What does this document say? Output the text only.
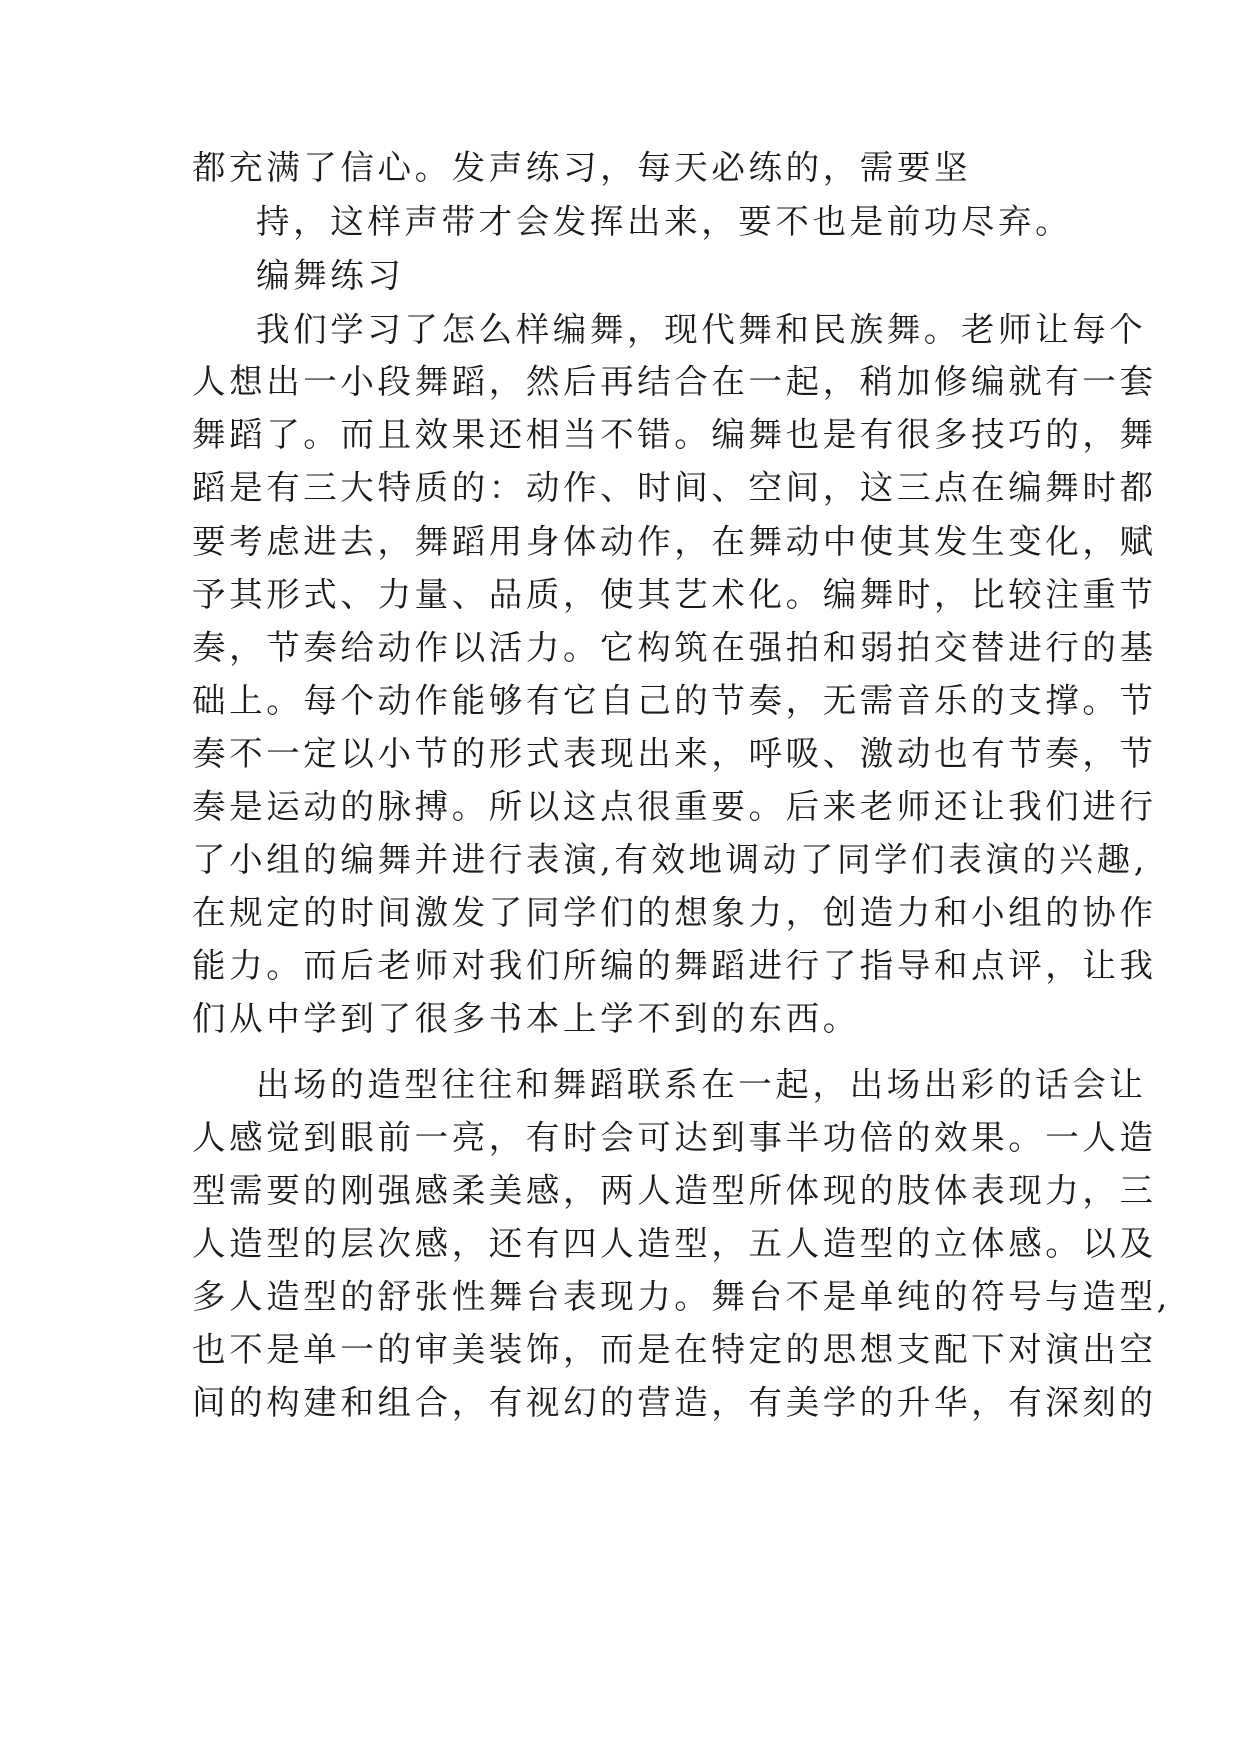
都充满了信心。发声练习，每天必练的，需要坚
持，这样声带才会发挥出来，要不也是前功尽弃。
编舞练习
我们学习了怎么样编舞，现代舞和民族舞。老师让每个
人想出一小段舞蹈，然后再结合在一起，稍加修编就有一套
舞蹈了。而且效果还相当不错。编舞也是有很多技巧的，舞
蹈是有三大特质的：动作、时间、空间，这三点在编舞时都
要考虑进去，舞蹈用身体动作，在舞动中使其发生变化，赋
予其形式、力量、品质，使其艺术化。编舞时，比较注重节
奏，节奏给动作以活力。它构筑在强拍和弱拍交替进行的基
础上。每个动作能够有它自己的节奏，无需音乐的支撑。节
奏不一定以小节的形式表现出来，呼吸、激动也有节奏，节
奏是运动的脉搏。所以这点很重要。后来老师还让我们进行
了小组的编舞并进行表演,有效地调动了同学们表演的兴趣,
在规定的时间激发了同学们的想象力，创造力和小组的协作
能力。而后老师对我们所编的舞蹈进行了指导和点评，让我
们从中学到了很多书本上学不到的东西。
出场的造型往往和舞蹈联系在一起，出场出彩的话会让
人感觉到眼前一亮，有时会可达到事半功倍的效果。一人造
型需要的刚强感柔美感，两人造型所体现的肢体表现力，三
人造型的层次感，还有四人造型，五人造型的立体感。以及
多人造型的舒张性舞台表现力。舞台不是单纯的符号与造型,
也不是单一的审美装饰，而是在特定的思想支配下对演出空
间的构建和组合，有视幻的营造，有美学的升华，有深刻的
